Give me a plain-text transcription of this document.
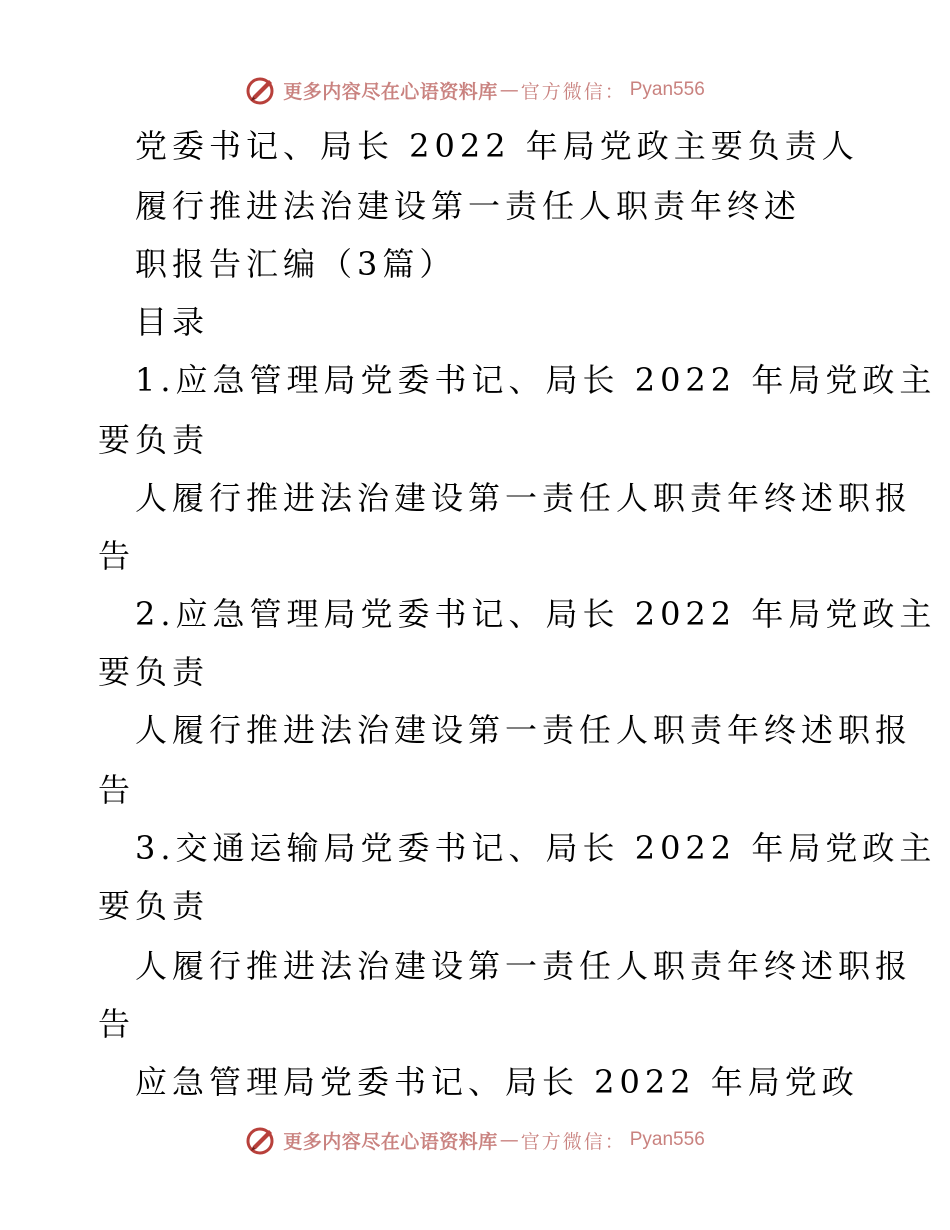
更多内容尽在心语资料库 — 官方微信： Pyan556
党委书记、局长 2022 年局党政主要负责人
履行推进法治建设第一责任人职责年终述
职报告汇编（3篇）
目录
1.应急管理局党委书记、局长 2022 年局党政主
要负责
人履行推进法治建设第一责任人职责年终述职报
告
2.应急管理局党委书记、局长 2022 年局党政主
要负责
人履行推进法治建设第一责任人职责年终述职报
告
3.交通运输局党委书记、局长 2022 年局党政主
要负责
人履行推进法治建设第一责任人职责年终述职报
告
应急管理局党委书记、局长 2022 年局党政
更多内容尽在心语资料库 — 官方微信： Pyan556
